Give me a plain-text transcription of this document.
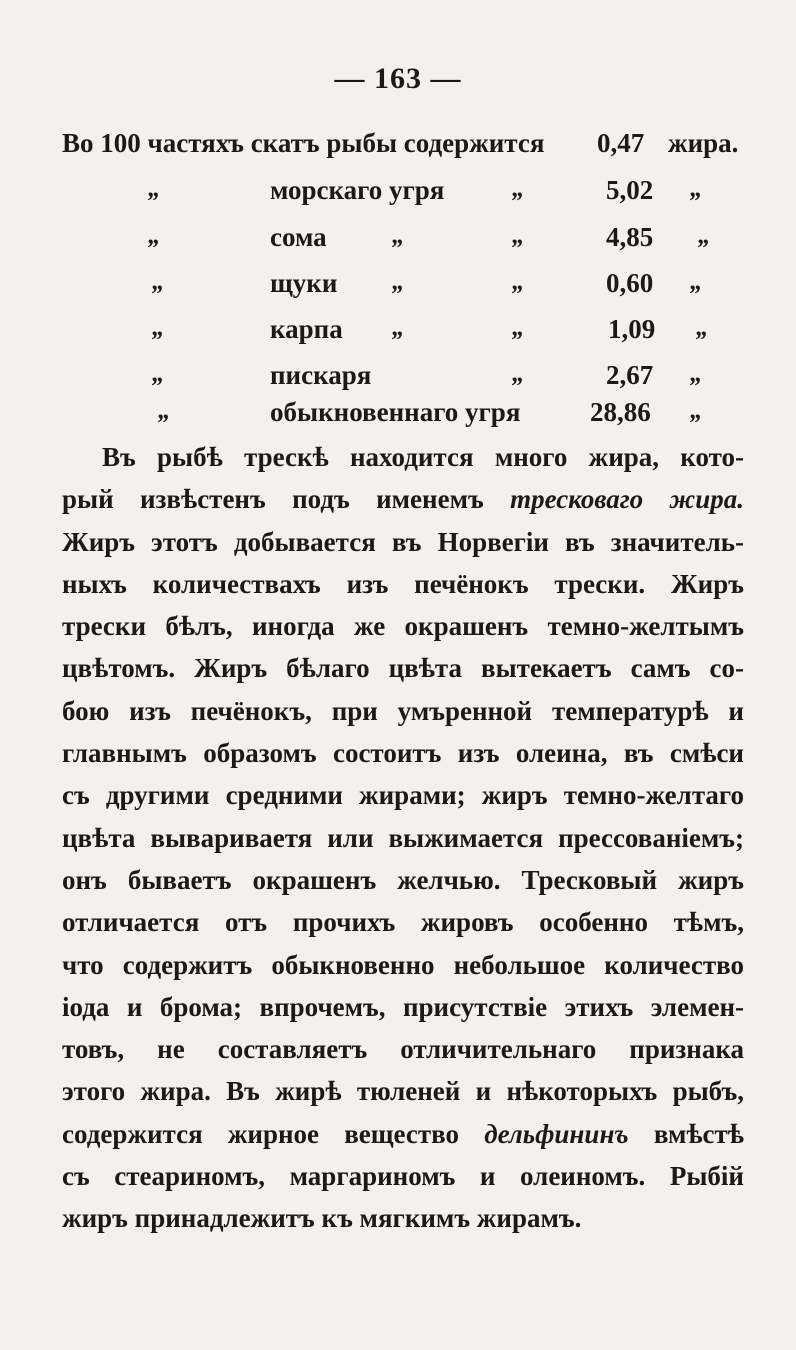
— 163 —
Во 100 частяхъ скатъ рыбы содержится 0,47 жира.
„	морскаго угря	„	5,02 „
„	сома	„	„	4,85 „
„	щуки „	„	0,60 „
„	карпа „	„	1,09 „
„	пискаря	„	2,67 „
„	обыкновеннаго угря	28,86 „
Въ рыбѣ трескѣ находится много жира, кото-
рый извѣстенъ подъ именемъ тресковаго жира.
Жиръ этотъ добывается въ Норвегіи въ значитель-
ныхъ количествахъ изъ печёнокъ трески. Жиръ
трески бѣлъ, иногда же окрашенъ темно-желтымъ
цвѣтомъ. Жиръ бѣлаго цвѣта вытекаетъ самъ со-
бою изъ печёнокъ, при умъренной температурѣ и
главнымъ образомъ состоитъ изъ олеина, въ смѣси
съ другими средними жирами; жиръ темно-желтаго
цвѣта вывариваетя или выжимается прессованіемъ;
онъ бываетъ окрашенъ желчью. Тресковый жиръ
отличается отъ прочихъ жировъ особенно тѣмъ,
что содержитъ обыкновенно небольшое количество
іода и брома; впрочемъ, присутствіе этихъ элемен-
товъ, не составляетъ отличительнаго признака
этого жира. Въ жирѣ тюленей и нѣкоторыхъ рыбъ,
содержится жирное вещество дельфининъ вмѣстѣ
съ стеариномъ, маргариномъ и олеиномъ. Рыбій
жиръ принадлежитъ къ мягкимъ жирамъ.
